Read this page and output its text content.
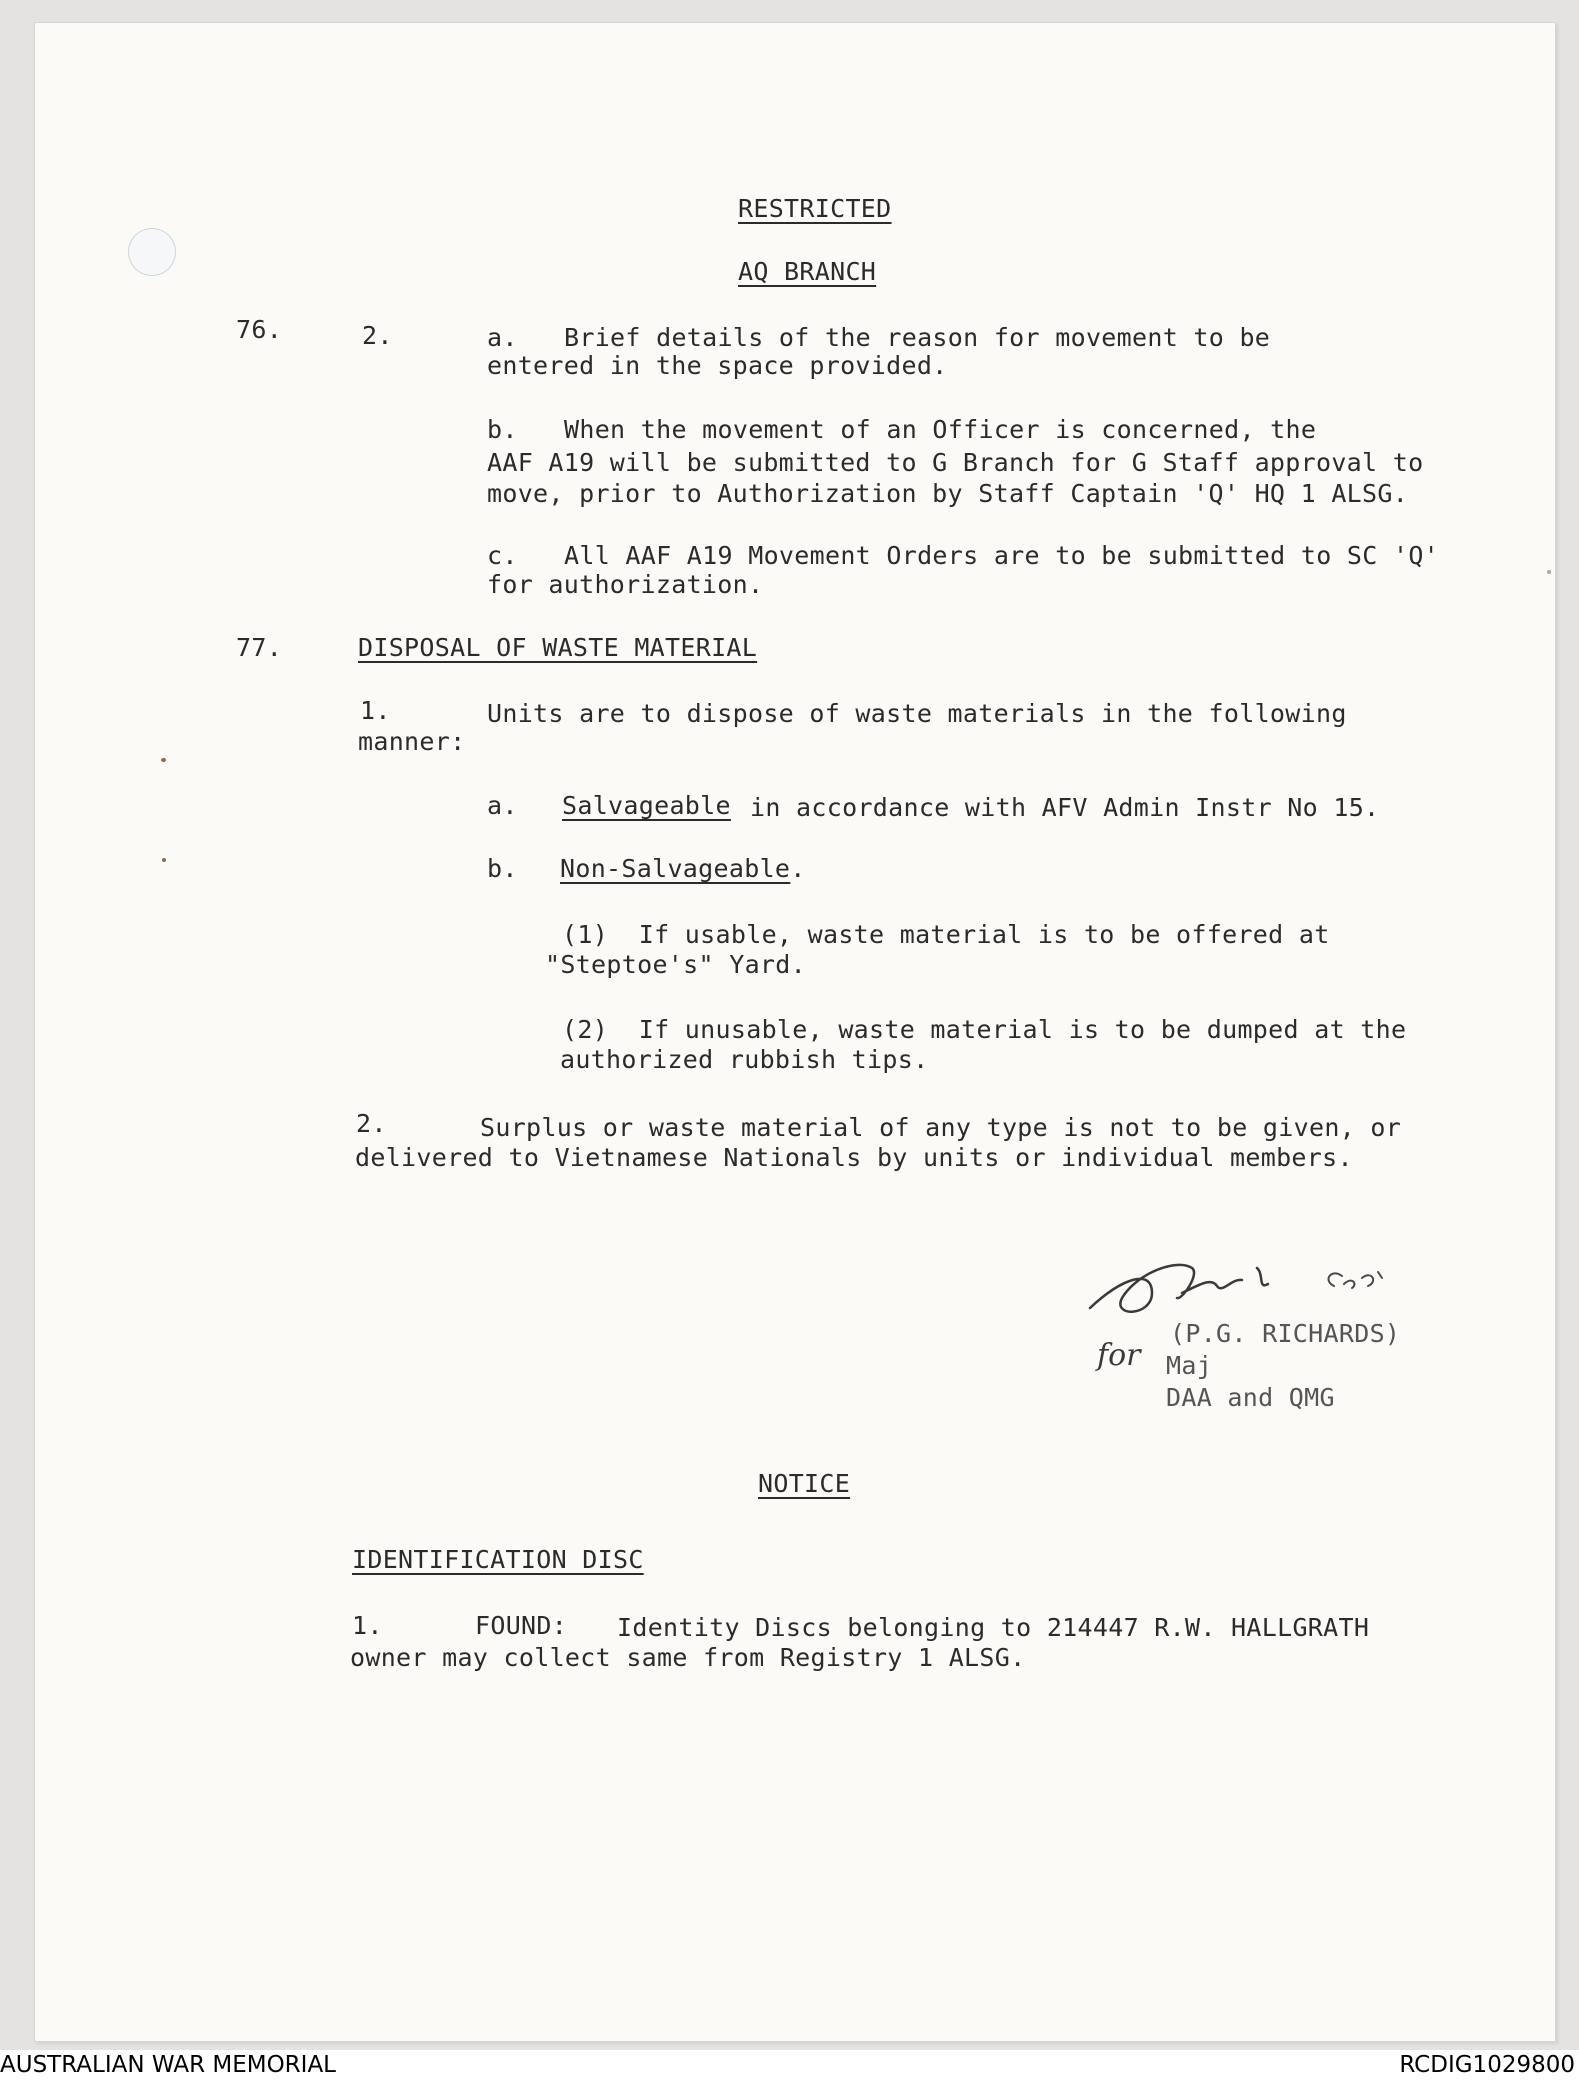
RESTRICTED
AQ BRANCH
76.	2.	a. Brief details of the reason for movement to be
entered in the space provided.
b. When the movement of an Officer is concerned, the
AAF A19 will be submitted to G Branch for G Staff approval to
move, prior to Authorization by Staff Captain 'Q' HQ 1 ALSG.
c. All AAF A19 Movement Orders are to be submitted to SC 'Q'
for authorization.
77.	DISPOSAL OF WASTE MATERIAL
1.	Units are to dispose of waste materials in the following
manner:
a. Salvageable in accordance with AFV Admin Instr No 15.
b. Non-Salvageable.
(1)  If usable, waste material is to be offered at
"Steptoe's" Yard.
(2)  If unusable, waste material is to be dumped at the
authorized rubbish tips.
2.	Surplus or waste material of any type is not to be given, or
delivered to Vietnamese Nationals by units or individual members.
for
(P.G. RICHARDS)
Maj
DAA and QMG
NOTICE
IDENTIFICATION DISC
1.	FOUND: Identity Discs belonging to 214447 R.W. HALLGRATH
owner may collect same from Registry 1 ALSG.
AUSTRALIAN WAR MEMORIAL	RCDIG1029800
